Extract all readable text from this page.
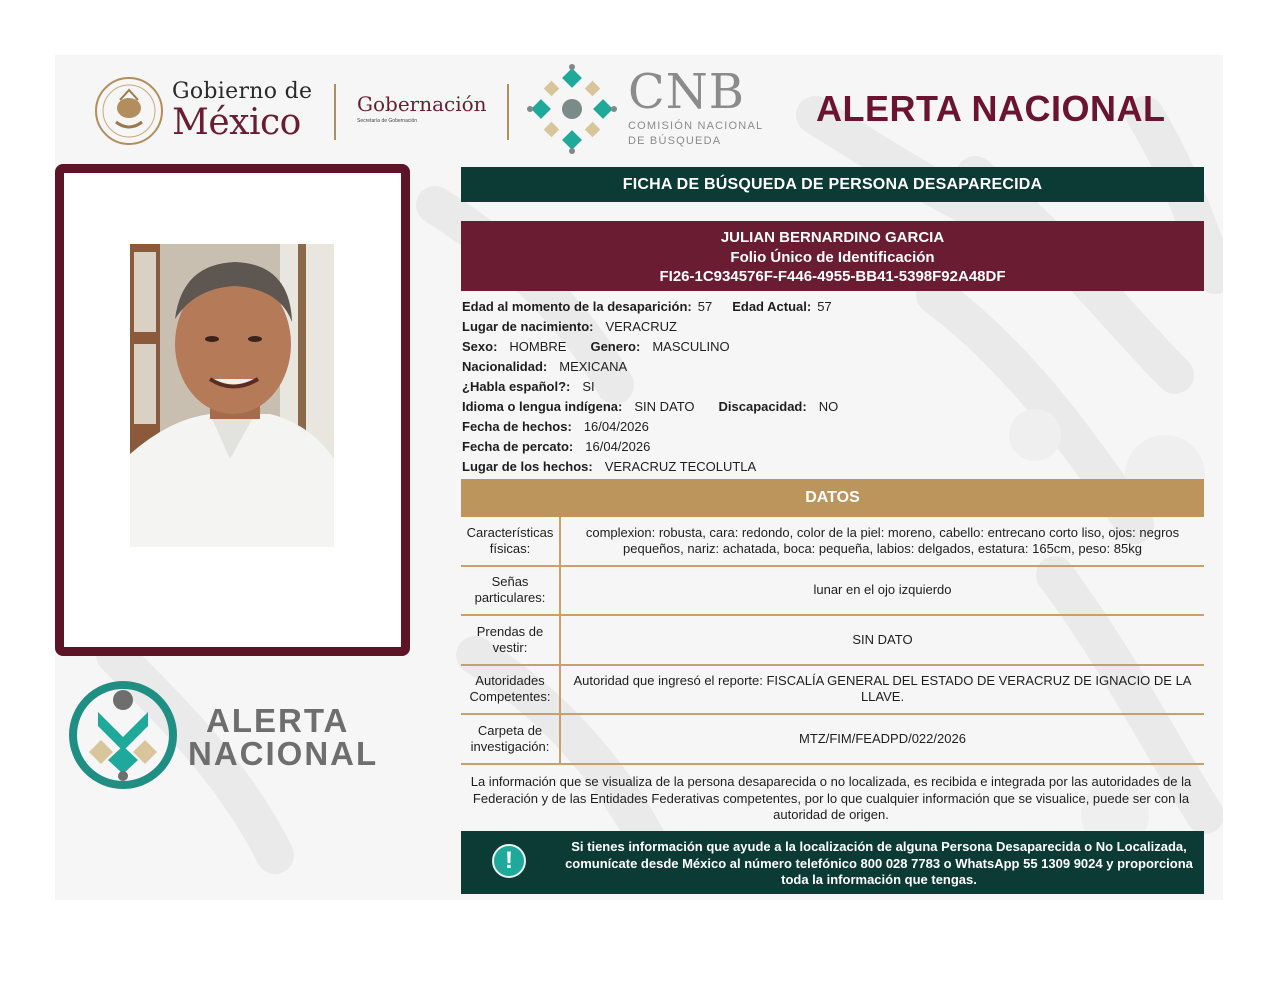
Gobierno de
México	Gobernación
Secretaría de Gobernación
CNB
COMISIÓN NACIONAL
DE BÚSQUEDA
ALERTA NACIONAL
ALERTA
NACIONAL
FICHA DE BÚSQUEDA DE PERSONA DESAPARECIDA
JULIAN BERNARDINO GARCIA
Folio Único de Identificación
FI26-1C934576F-F446-4955-BB41-5398F92A48DF
Edad al momento de la desaparición: 57 Edad Actual: 57
Lugar de nacimiento: VERACRUZ
Sexo: HOMBRE Genero: MASCULINO
Nacionalidad: MEXICANA
¿Habla español?: SI
Idioma o lengua indígena: SIN DATO Discapacidad: NO
Fecha de hechos: 16/04/2026
Fecha de percato: 16/04/2026
Lugar de los hechos: VERACRUZ TECOLUTLA
DATOS
Características físicas:
complexion: robusta, cara: redondo, color de la piel: moreno, cabello: entrecano corto liso, ojos: negros pequeños, nariz: achatada, boca: pequeña, labios: delgados, estatura: 165cm, peso: 85kg
Señas particulares:
lunar en el ojo izquierdo
Prendas de vestir:
SIN DATO
Autoridades Competentes:
Autoridad que ingresó el reporte: FISCALÍA GENERAL DEL ESTADO DE VERACRUZ DE IGNACIO DE LA LLAVE.
Carpeta de investigación:
MTZ/FIM/FEADPD/022/2026
La información que se visualiza de la persona desaparecida o no localizada, es recibida e integrada por las autoridades de la Federación y de las Entidades Federativas competentes, por lo que cualquier información que se visualice, puede ser con la autoridad de origen.
!
Si tienes información que ayude a la localización de alguna Persona Desaparecida o No Localizada, comunícate desde México al número telefónico 800 028 7783 o WhatsApp 55 1309 9024 y proporciona toda la información que tengas.
